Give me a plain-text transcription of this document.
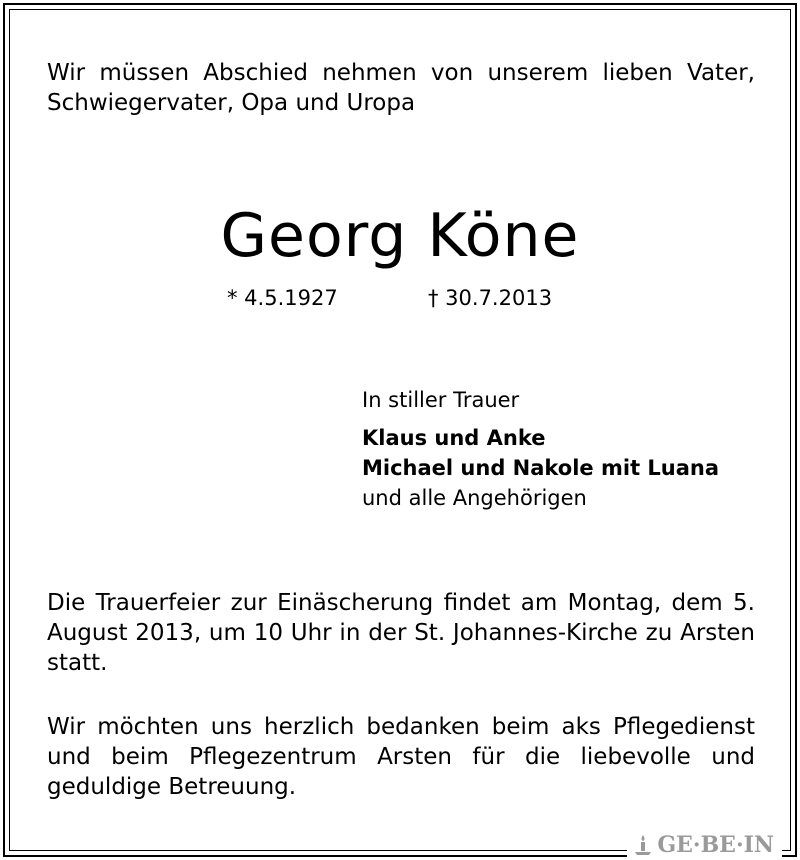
Wir müssen Abschied nehmen von unserem lieben Vater, Schwiegervater, Opa und Uropa

Georg Köne
* 4.5.1927	† 30.7.2013
In stiller Trauer
Klaus und Anke
Michael und Nakole mit Luana
und alle Angehörigen

Die Trauerfeier zur Einäscherung findet am Montag, dem 5. August 2013, um 10 Uhr in der St. Johannes-Kirche zu Arsten statt.

Wir möchten uns herzlich bedanken beim aks Pflegedienst und beim Pflegezentrum Arsten für die liebevolle und geduldige Betreuung.

GE·BE·IN
